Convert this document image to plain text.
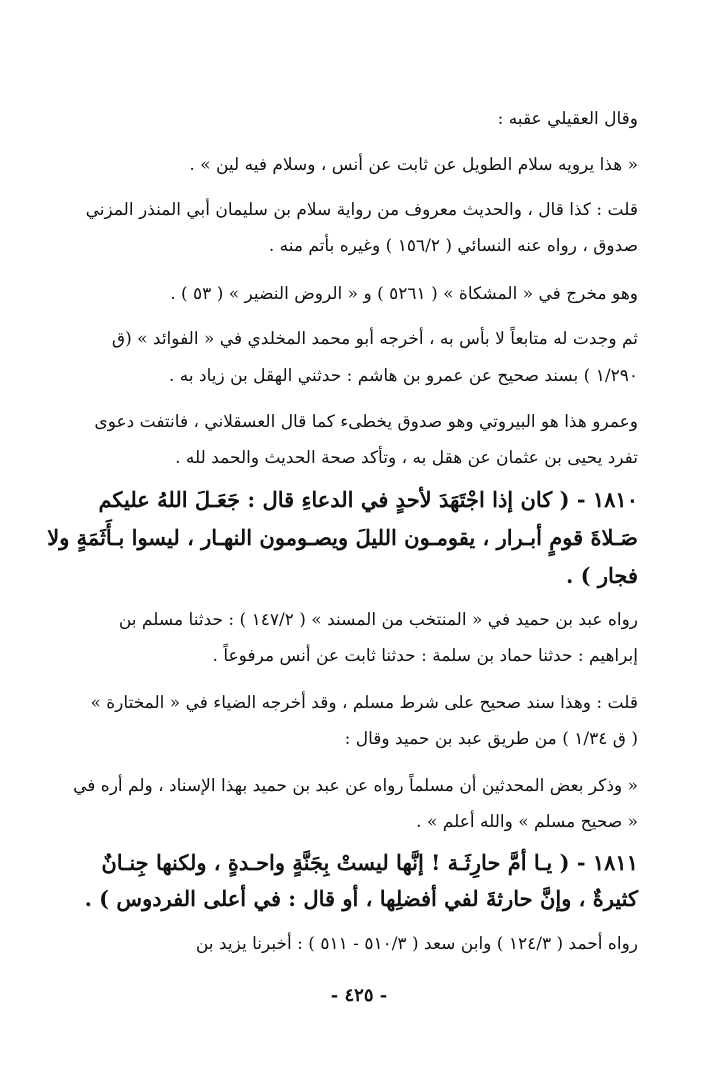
وقال العقيلي عقبه :
« هذا يرويه سلام الطويل عن ثابت عن أنس ، وسلام فيه لين » .
قلت : كذا قال ، والحديث معروف من رواية سلام بن سليمان أبي المنذر المزني
صدوق ، رواه عنه النسائي ( ١٥٦/٢ ) وغيره بأتم منه .
وهو مخرج في « المشكاة » ( ٥٢٦١ ) و « الروض النضير » ( ٥٣ ) .
ثم وجدت له متابعاً لا بأس به ، أخرجه أبو محمد المخلدي في « الفوائد » (ق
١/٢٩٠ ) بسند صحيح عن عمرو بن هاشم : حدثني الهقل بن زياد به .
وعمرو هذا هو البيروتي وهو صدوق يخطىء كما قال العسقلاني ، فانتفت دعوى
تفرد يحيى بن عثمان عن هقل به ، وتأكد صحة الحديث والحمد لله .
١٨١٠ - ( كان إذا اجْتَهَدَ لأحدٍ في الدعاءِ قال : جَعَـلَ اللهُ عليكم
صَـلاةَ قومٍ أبـرار ، يقومـون الليلَ ويصـومون النهـار ، ليسوا بـأَثَمَةٍ ولا
فجار ) .
رواه عبد بن حميد في « المنتخب من المسند » ( ١٤٧/٢ ) : حدثنا مسلم بن
إبراهيم : حدثنا حماد بن سلمة : حدثنا ثابت عن أنس مرفوعاً .
قلت : وهذا سند صحيح على شرط مسلم ، وقد أخرجه الضياء في « المختارة »
( ق ١/٣٤ ) من طريق عبد بن حميد وقال :
« وذكر بعض المحدثين أن مسلماً رواه عن عبد بن حميد بهذا الإسناد ، ولم أره في
« صحيح مسلم » والله أعلم » .
١٨١١ - ( يـا أمَّ حارِثَـة ! إنَّها ليستْ بِجَنَّةٍ واحـدةٍ ، ولكنها جِنـانٌ
كثيرةٌ ، وإنَّ حارثةَ لفي أفضلِها ، أو قال : في أعلى الفردوس ) .
رواه أحمد ( ١٢٤/٣ ) وابن سعد ( ٥١٠/٣ - ٥١١ ) : أخبرنا يزيد بن
- ٤٢٥ -
